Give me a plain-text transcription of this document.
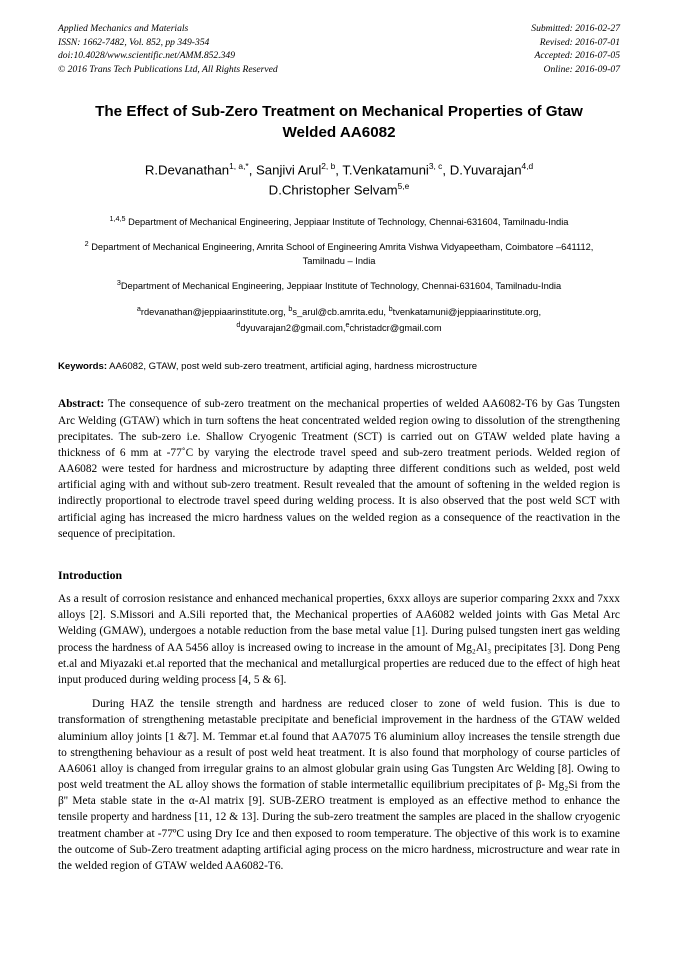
Applied Mechanics and Materials
ISSN: 1662-7482, Vol. 852, pp 349-354
doi:10.4028/www.scientific.net/AMM.852.349
© 2016 Trans Tech Publications Ltd, All Rights Reserved
Submitted: 2016-02-27
Revised: 2016-07-01
Accepted: 2016-07-05
Online: 2016-09-07
The Effect of Sub-Zero Treatment on Mechanical Properties of Gtaw Welded AA6082
R.Devanathan$^{1, a,*}$, Sanjivi Arul$^{2, b}$, T.Venkatamuni$^{3, c}$, D.Yuvarajan$^{4,d}$
D.Christopher Selvam$^{5,e}$

$^{1,4,5}$ Department of Mechanical Engineering, Jeppiaar Institute of Technology, Chennai-631604, Tamilnadu-India

$^2$ Department of Mechanical Engineering, Amrita School of Engineering Amrita Vishwa Vidyapeetham, Coimbatore –641112, Tamilnadu – India

$^3$Department of Mechanical Engineering, Jeppiaar Institute of Technology, Chennai-631604, Tamilnadu-India

$^a$rdevanathan@jeppiaarinstitute.org, $^b$s_arul@cb.amrita.edu, $^b$tvenkatamuni@jeppiaarinstitute.org,
$^d$dyuvarajan2@gmail.com,$^e$christadcr@gmail.com
Keywords: AA6082, GTAW, post weld sub-zero treatment, artificial aging, hardness microstructure
Abstract: The consequence of sub-zero treatment on the mechanical properties of welded AA6082-T6 by Gas Tungsten Arc Welding (GTAW) which in turn softens the heat concentrated welded region owing to dissolution of the strengthening precipitates. The sub-zero i.e. Shallow Cryogenic Treatment (SCT) is carried out on GTAW welded plate having a thickness of 6 mm at -77˚C by varying the electrode travel speed and sub-zero treatment periods. Welded region of AA6082 were tested for hardness and microstructure by adapting three different conditions such as welded, post weld artificial aging with and without sub-zero treatment. Result revealed that the amount of softening in the welded region is indirectly proportional to electrode travel speed during welding process. It is also observed that the post weld SCT with artificial aging has increased the micro hardness values on the welded region as a consequence of the reactivation in the sequence of precipitation.
Introduction
As a result of corrosion resistance and enhanced mechanical properties, 6xxx alloys are superior comparing 2xxx and 7xxx alloys [2]. S.Missori and A.Sili reported that, the Mechanical properties of AA6082 welded joints with Gas Metal Arc Welding (GMAW), undergoes a notable reduction from the base metal value [1]. During pulsed tungsten inert gas welding process the hardness of AA 5456 alloy is increased owing to increase in the amount of Mg₂Al₃ precipitates [3]. Dong Peng et.al and Miyazaki et.al reported that the mechanical and metallurgical properties are reduced due to the effect of high heat input produced during welding process [4, 5 & 6].
During HAZ the tensile strength and hardness are reduced closer to zone of weld fusion. This is due to transformation of strengthening metastable precipitate and beneficial improvement in the hardness of the GTAW welded aluminium alloy joints [1 &7]. M. Temmar et.al found that AA7075 T6 aluminium alloy increases the tensile strength due to strengthening behaviour as a result of post weld heat treatment. It is also found that morphology of course particles of AA6061 alloy is changed from irregular grains to an almost globular grain using Gas Tungsten Arc Welding [8]. Owing to post weld treatment the AL alloy shows the formation of stable intermetallic equilibrium precipitates of β- Mg₂Si from the β'' Meta stable state in the α-Al matrix [9]. SUB-ZERO treatment is employed as an effective method to enhance the tensile property and hardness [11, 12 & 13]. During the sub-zero treatment the samples are placed in the shallow cryogenic treatment chamber at -77ºC using Dry Ice and then exposed to room temperature. The objective of this work is to examine the outcome of Sub-Zero treatment adapting artificial aging process on the micro hardness, microstructure and wear rate in the welded region of GTAW welded AA6082-T6.
